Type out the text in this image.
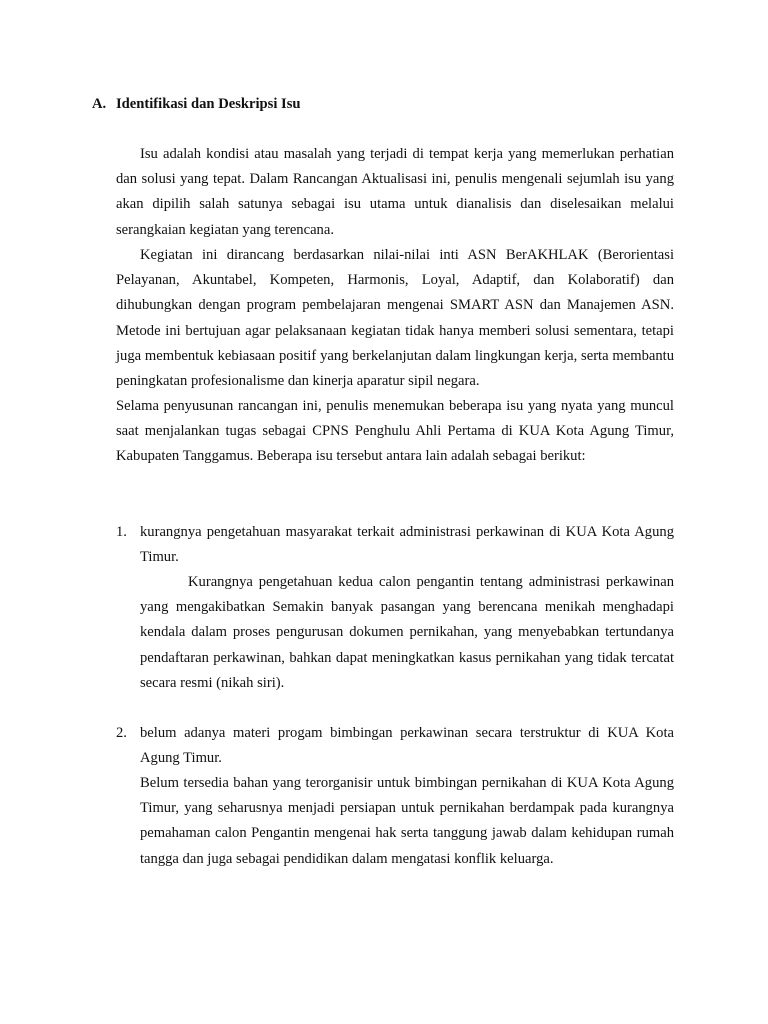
A. Identifikasi dan Deskripsi Isu

Isu adalah kondisi atau masalah yang terjadi di tempat kerja yang memerlukan perhatian dan solusi yang tepat. Dalam Rancangan Aktualisasi ini, penulis mengenali sejumlah isu yang akan dipilih salah satunya sebagai isu utama untuk dianalisis dan diselesaikan melalui serangkaian kegiatan yang terencana.

Kegiatan ini dirancang berdasarkan nilai-nilai inti ASN BerAKHLAK (Berorientasi Pelayanan, Akuntabel, Kompeten, Harmonis, Loyal, Adaptif, dan Kolaboratif) dan dihubungkan dengan program pembelajaran mengenai SMART ASN dan Manajemen ASN. Metode ini bertujuan agar pelaksanaan kegiatan tidak hanya memberi solusi sementara, tetapi juga membentuk kebiasaan positif yang berkelanjutan dalam lingkungan kerja, serta membantu peningkatan profesionalisme dan kinerja aparatur sipil negara.

Selama penyusunan rancangan ini, penulis menemukan beberapa isu yang nyata yang muncul saat menjalankan tugas sebagai CPNS Penghulu Ahli Pertama di KUA Kota Agung Timur, Kabupaten Tanggamus. Beberapa isu tersebut antara lain adalah sebagai berikut:

1. kurangnya pengetahuan masyarakat terkait administrasi perkawinan di KUA Kota Agung Timur.

Kurangnya pengetahuan kedua calon pengantin tentang administrasi perkawinan yang mengakibatkan Semakin banyak pasangan yang berencana menikah menghadapi kendala dalam proses pengurusan dokumen pernikahan, yang menyebabkan tertundanya pendaftaran perkawinan, bahkan dapat meningkatkan kasus pernikahan yang tidak tercatat secara resmi (nikah siri).

2. belum adanya materi progam bimbingan perkawinan secara terstruktur di KUA Kota Agung Timur.

Belum tersedia bahan yang terorganisir untuk bimbingan pernikahan di KUA Kota Agung Timur, yang seharusnya menjadi persiapan untuk pernikahan berdampak pada kurangnya pemahaman calon Pengantin mengenai hak serta tanggung jawab dalam kehidupan rumah tangga dan juga sebagai pendidikan dalam mengatasi konflik keluarga.
